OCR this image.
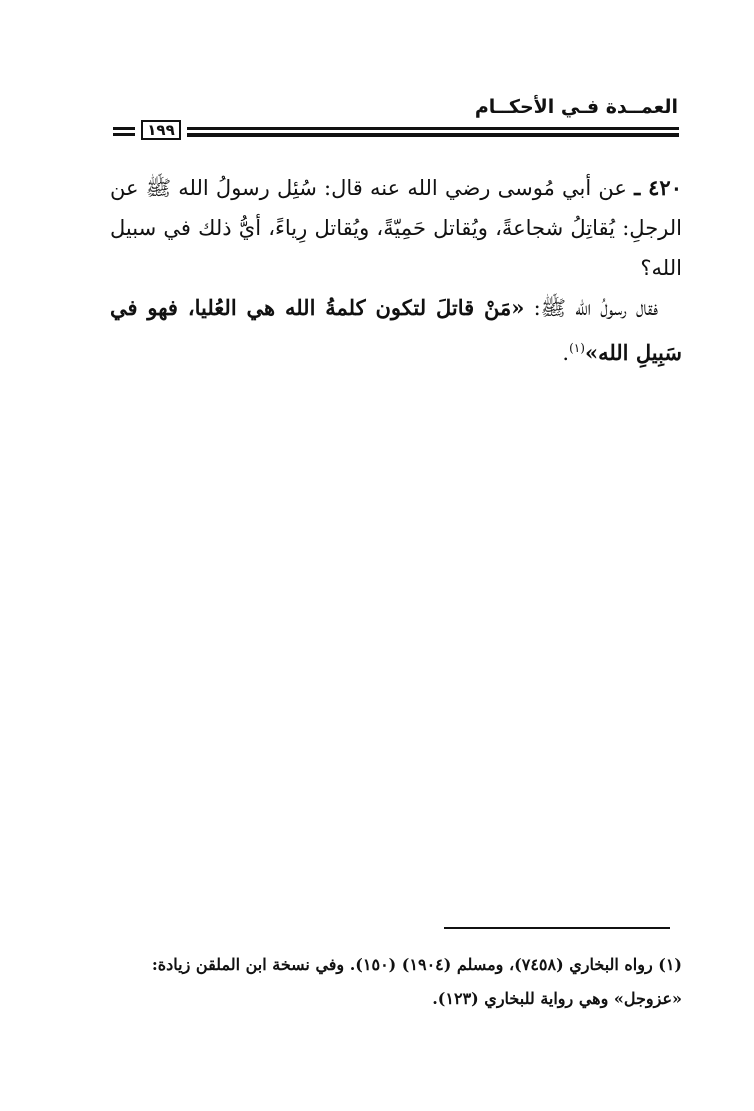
العمــدة فـي الأحكــام
١٩٩

٤٢٠ ـ عن أبي مُوسى رضي الله عنه قال: سُئِل رسولُ الله ﷺ عن الرجلِ: يُقاتِلُ شجاعةً، ويُقاتل حَمِيّةً، ويُقاتل رِياءً، أيُّ ذلك في سبيل الله؟

فقال رسولُ الله ﷺ: «مَنْ قاتلَ لتكون كلمةُ الله هي العُليا، فهو في سَبِيلِ الله»$^{(١)}$.

(١) رواه البخاري (٧٤٥٨)، ومسلم (١٩٠٤) (١٥٠). وفي نسخة ابن الملقن زيادة:

«عزوجل» وهي رواية للبخاري (١٢٣).
